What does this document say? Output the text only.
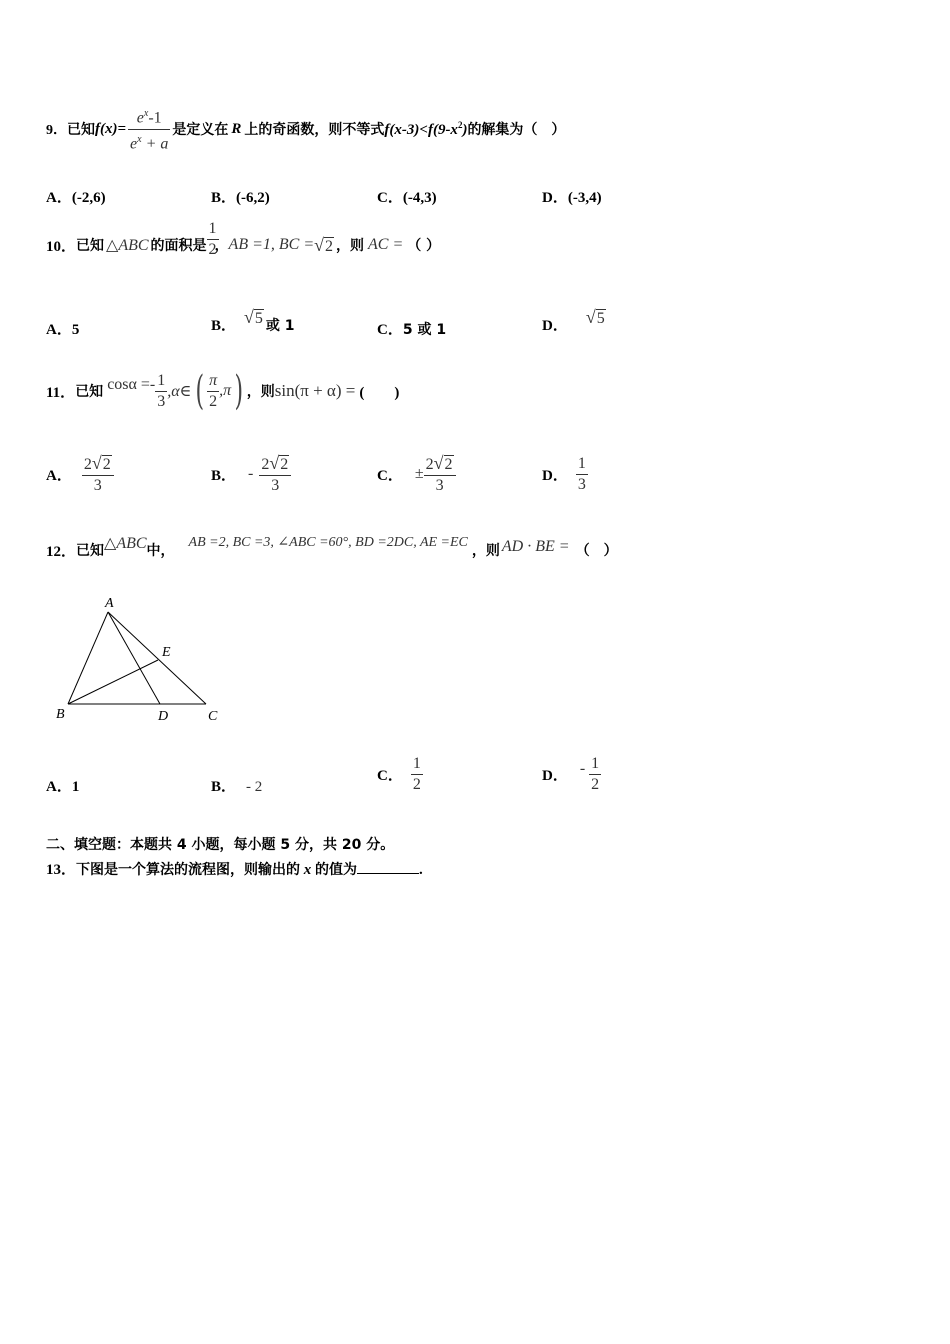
9． 已知 $f(x)= \frac{e^x-1}{e^x + a}$ 是定义在 R 上的奇函数，则不等式 $f(x-3)<f(9-x^2)$ 的解集为（　）
A．(-2,6)	B．(-6,2)	C．(-4,3)	D．(-3,4)
10． 已知 △ABC 的面积是 $\frac{1}{2}$
， AB =1, BC = √2 ，则 AC = （ ）
A．5	B． √5 或 1	C．5 或 1	D． √5
11． 已知 $\cos\alpha =- \frac{1}{3}$ ,α∈ ( $\frac{\pi}{2} ,\pi$ ) ，则 sin(π + α) = (　　)
A． $\frac{2√2}{3}$	B． - $\frac{2√2}{3}$	C． ± $\frac{2√2}{3}$	D． $\frac{1}{3}$
12． 已知 △ABC 中，
AB =2, BC =3, ∠ABC =60°, BD =2DC, AE =EC
，则 AD · BE = （　）
A
B	C
D
E
A．1	B． - 2
C． $\frac{1}{2}$	D． - $\frac{1}{2}$
二、填空题：本题共 4 小题，每小题 5 分，共 20 分。
13．下图是一个算法的流程图，则输出的 x 的值为	.
